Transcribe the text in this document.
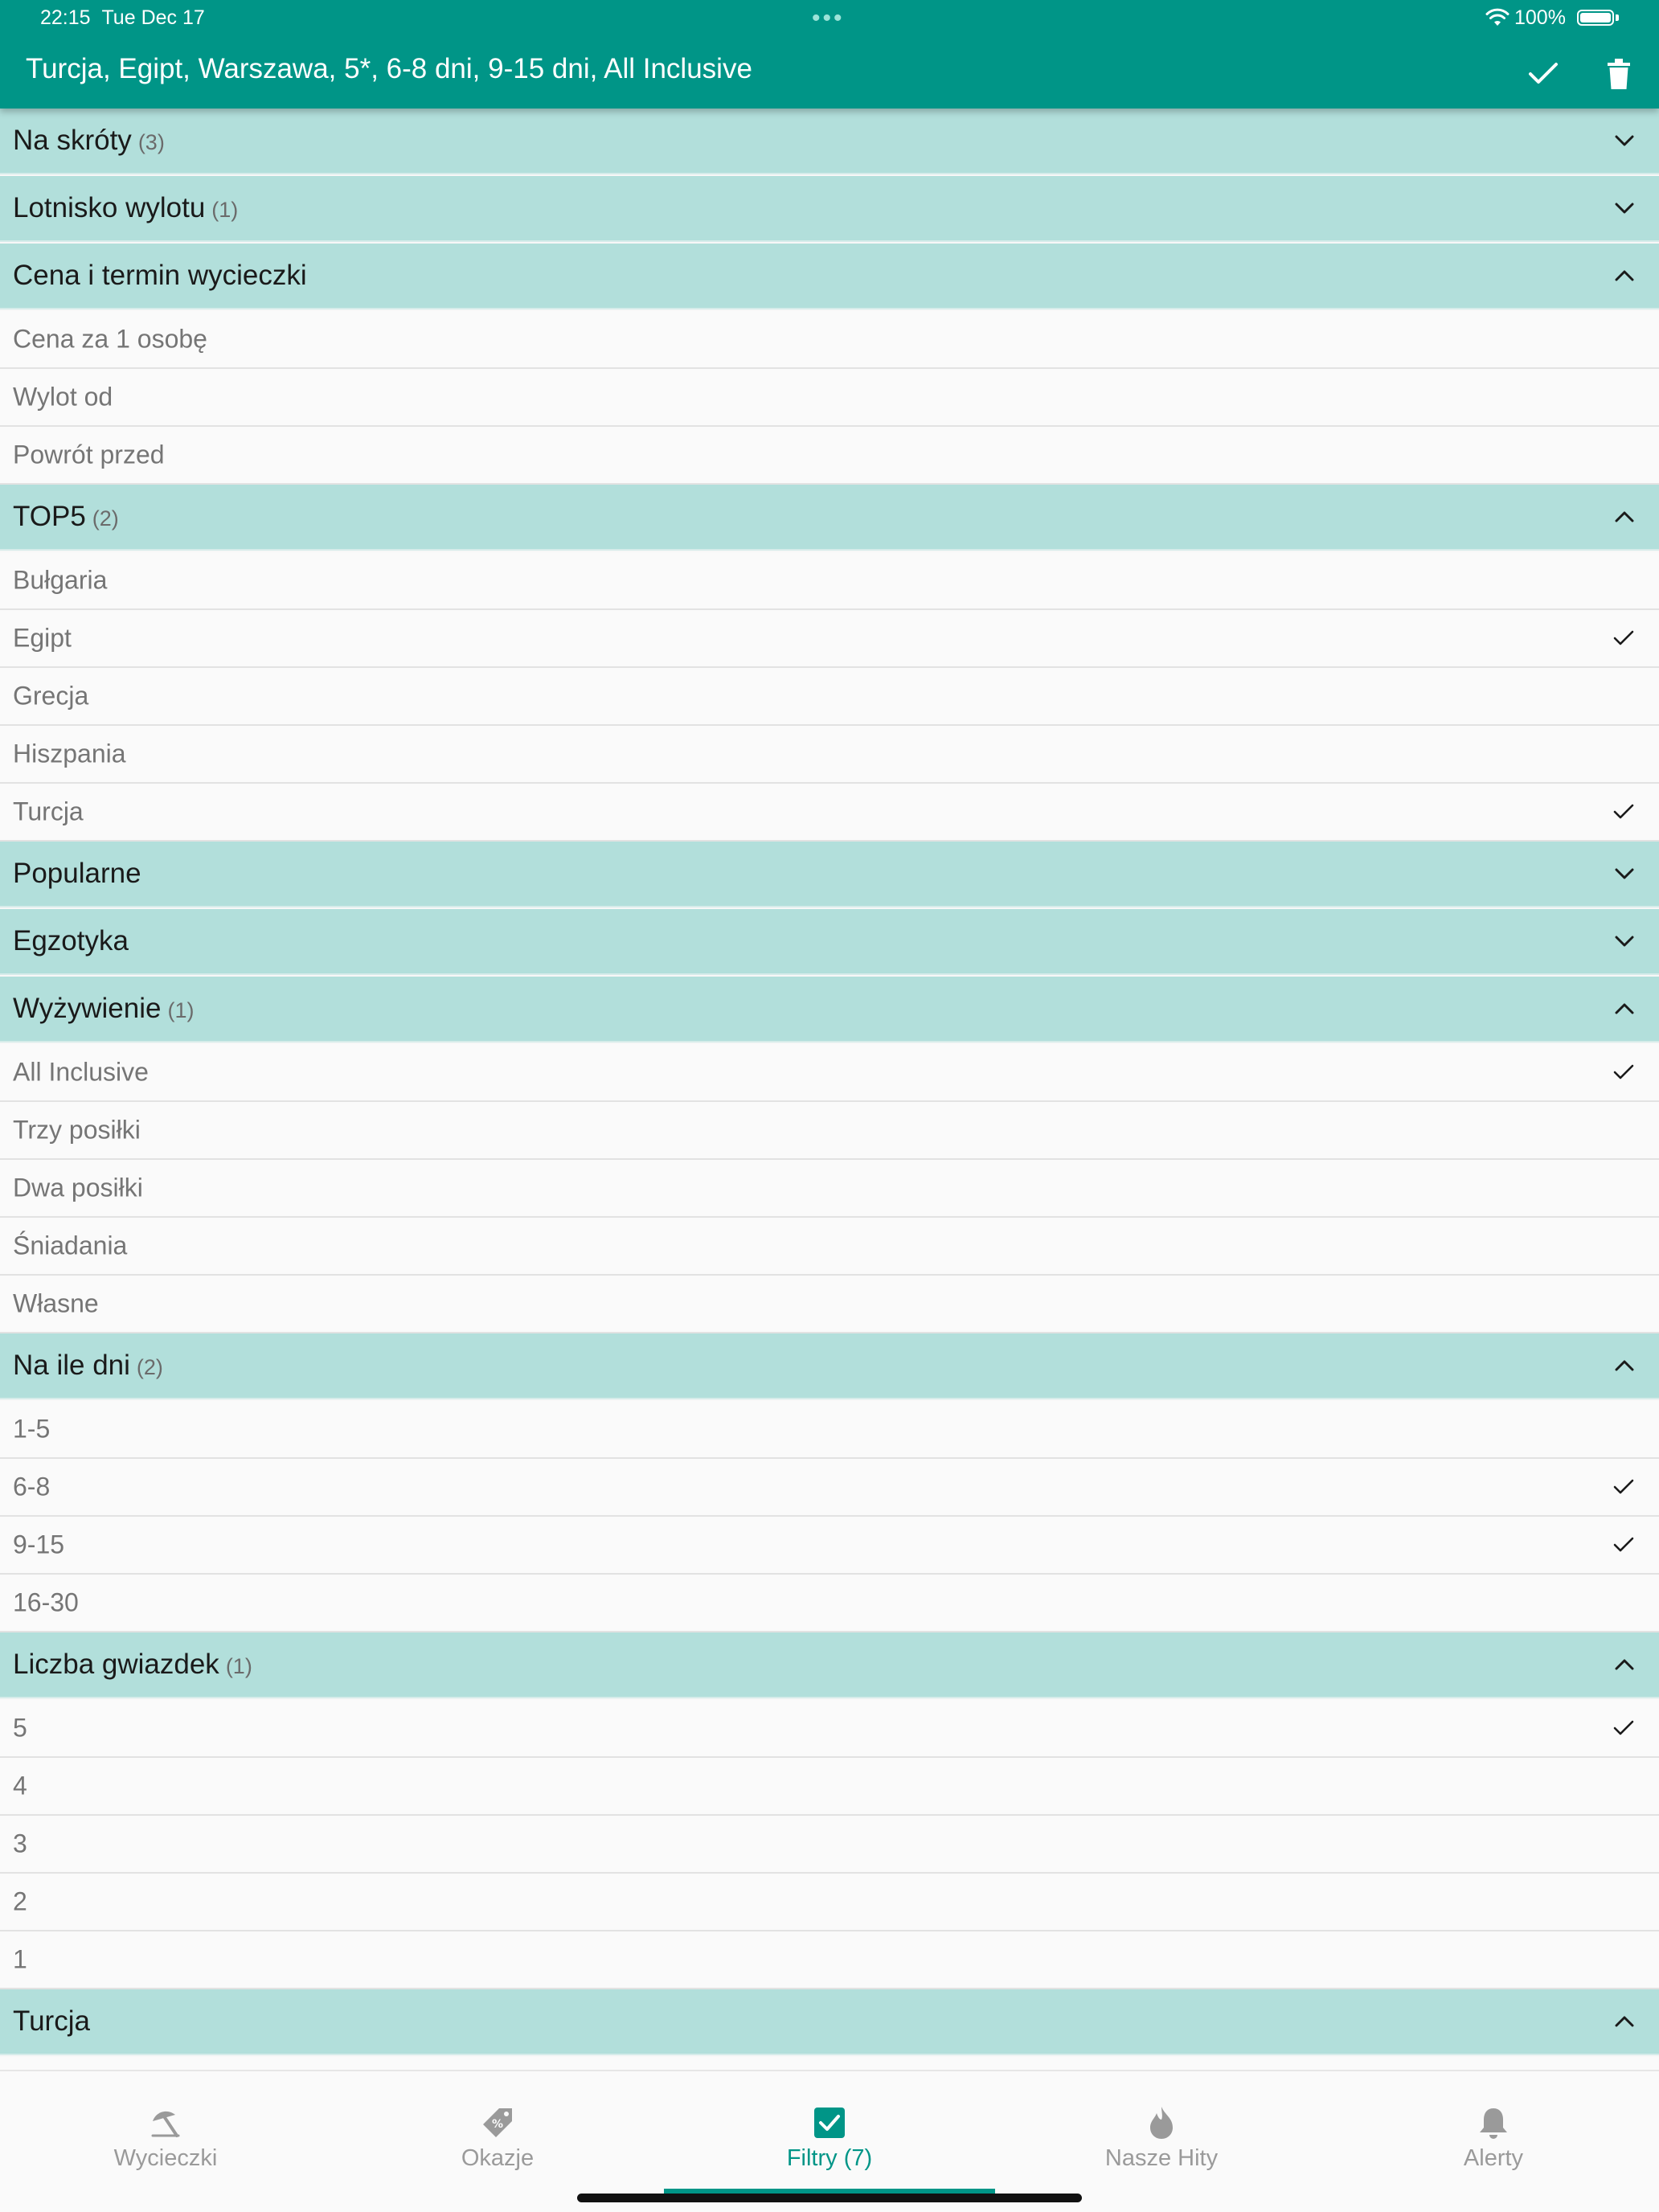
22:15 Tue Dec 17	•••	100%
Turcja, Egipt, Warszawa, 5*, 6-8 dni, 9-15 dni, All Inclusive
Na skróty (3)
Lotnisko wylotu (1)
Cena i termin wycieczki
Cena za 1 osobę
Wylot od
Powrót przed
TOP5 (2)
Bułgaria
Egipt
Grecja
Hiszpania
Turcja
Popularne
Egzotyka
Wyżywienie (1)
All Inclusive
Trzy posiłki
Dwa posiłki
Śniadania
Własne
Na ile dni (2)
1-5
6-8
9-15
16-30
Liczba gwiazdek (1)
5
4
3
2
1
Turcja
Wycieczki
%
Okazje	Filtry (7)	Nasze Hity	Alerty
